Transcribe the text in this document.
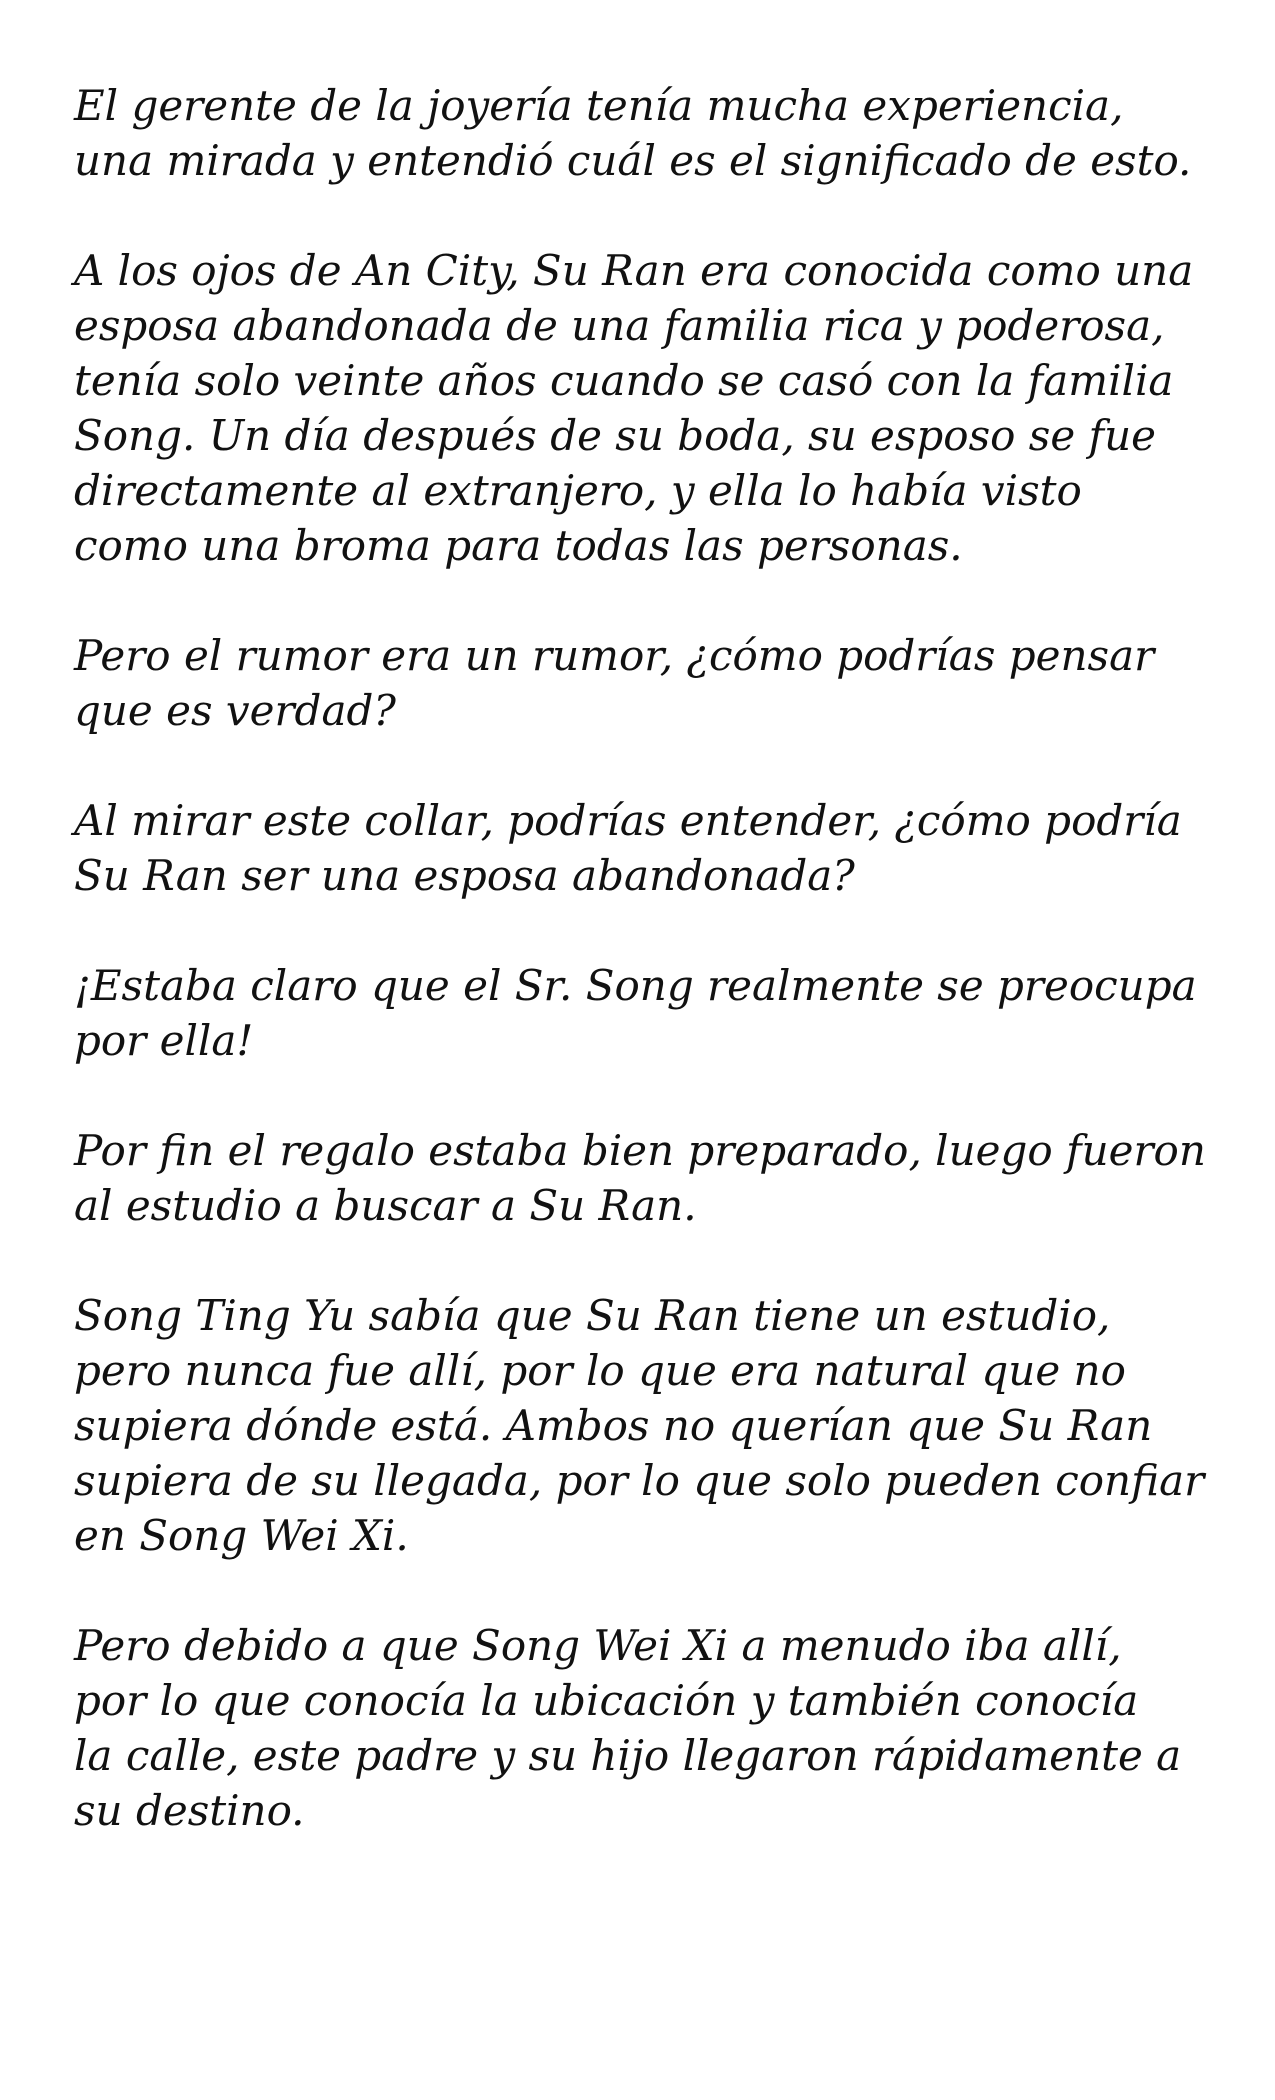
El gerente de la joyería tenía mucha experiencia,
una mirada y entendió cuál es el significado de esto.

A los ojos de An City, Su Ran era conocida como una
esposa abandonada de una familia rica y poderosa,
tenía solo veinte años cuando se casó con la familia
Song. Un día después de su boda, su esposo se fue
directamente al extranjero, y ella lo había visto
como una broma para todas las personas.

Pero el rumor era un rumor, ¿cómo podrías pensar
que es verdad?

Al mirar este collar, podrías entender, ¿cómo podría
Su Ran ser una esposa abandonada?

¡Estaba claro que el Sr. Song realmente se preocupa
por ella!

Por fin el regalo estaba bien preparado, luego fueron
al estudio a buscar a Su Ran.

Song Ting Yu sabía que Su Ran tiene un estudio,
pero nunca fue allí, por lo que era natural que no
supiera dónde está. Ambos no querían que Su Ran
supiera de su llegada, por lo que solo pueden confiar
en Song Wei Xi.

Pero debido a que Song Wei Xi a menudo iba allí,
por lo que conocía la ubicación y también conocía
la calle, este padre y su hijo llegaron rápidamente a
su destino.
